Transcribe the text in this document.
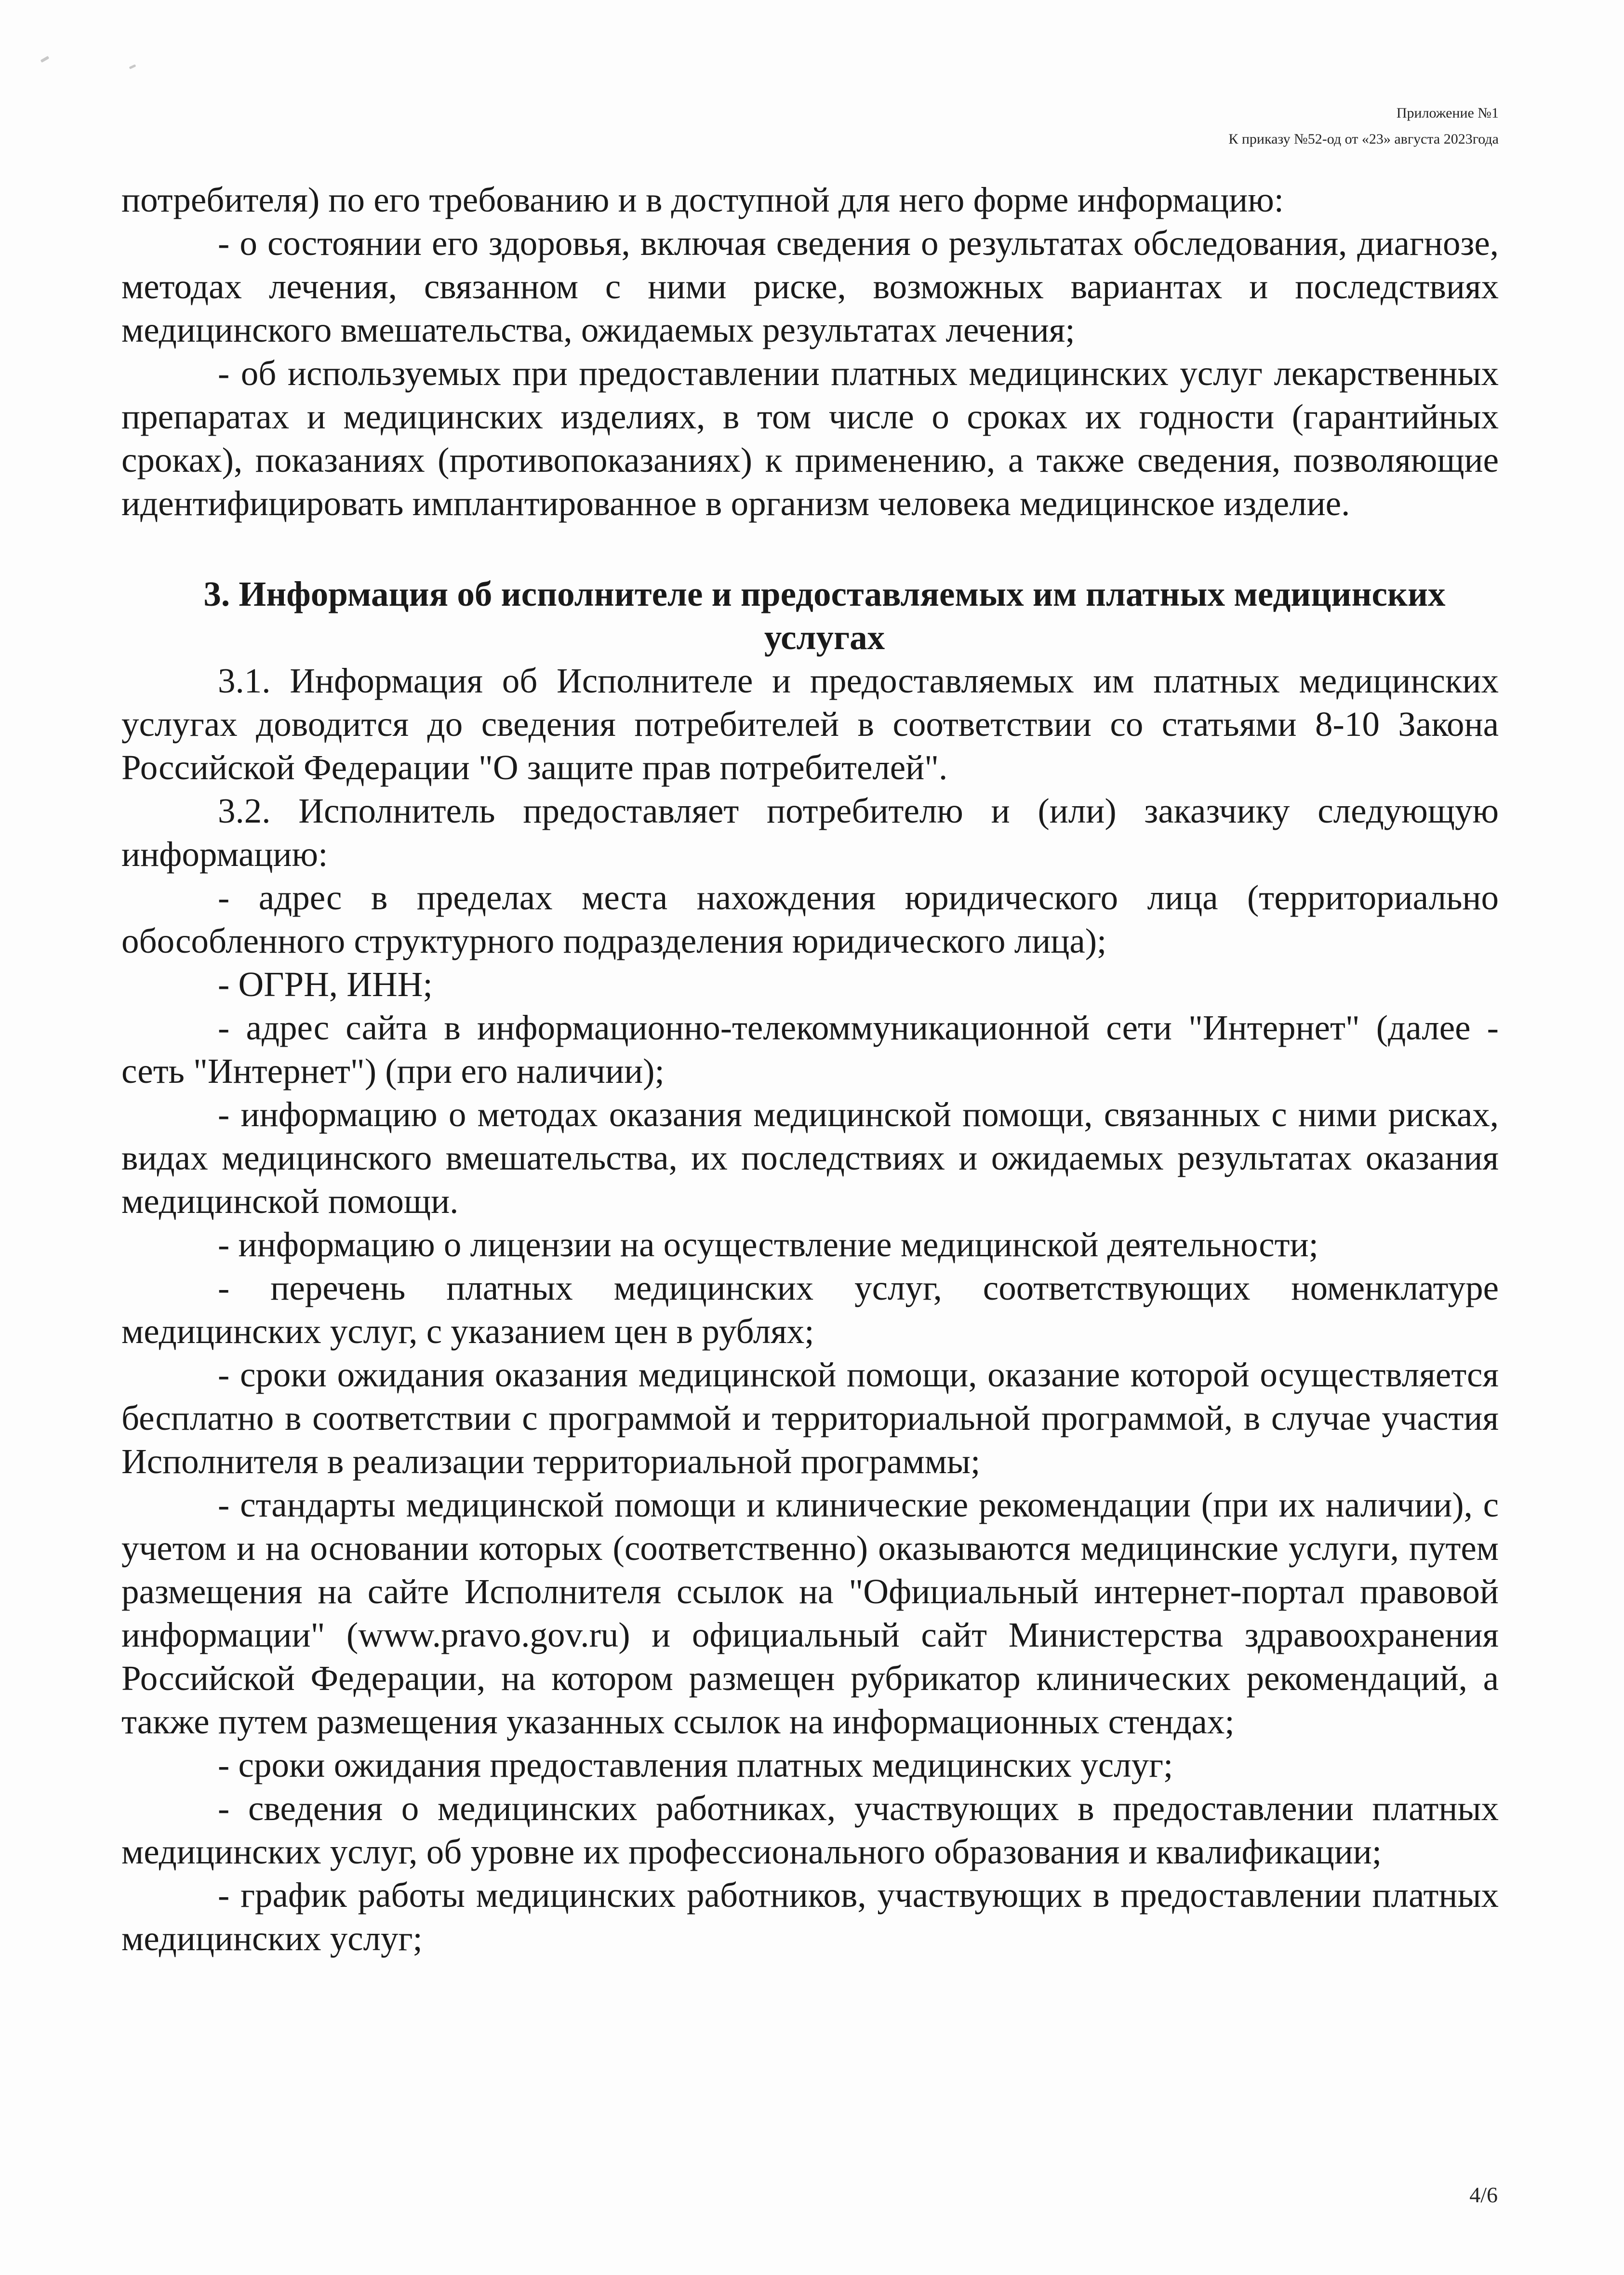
Приложение №1
К приказу №52-од от «23» августа 2023года

потребителя) по его требованию и в доступной для него форме информацию:

- о состоянии его здоровья, включая сведения о результатах обследования, диагнозе, методах лечения, связанном с ними риске, возможных вариантах и последствиях медицинского вмешательства, ожидаемых результатах лечения;

- об используемых при предоставлении платных медицинских услуг лекарственных препаратах и медицинских изделиях, в том числе о сроках их годности (гарантийных сроках), показаниях (противопоказаниях) к применению, а также сведения, позволяющие идентифицировать имплантированное в организм человека медицинское изделие.

3. Информация об исполнителе и предоставляемых им платных медицинских услугах

3.1. Информация об Исполнителе и предоставляемых им платных медицинских услугах доводится до сведения потребителей в соответствии со статьями 8-10 Закона Российской Федерации "О защите прав потребителей".

3.2. Исполнитель предоставляет потребителю и (или) заказчику следующую информацию:

- адрес в пределах места нахождения юридического лица (территориально обособленного структурного подразделения юридического лица);

- ОГРН, ИНН;

- адрес сайта в информационно-телекоммуникационной сети "Интернет" (далее - сеть "Интернет") (при его наличии);

- информацию о методах оказания медицинской помощи, связанных с ними рисках, видах медицинского вмешательства, их последствиях и ожидаемых результатах оказания медицинской помощи.

- информацию о лицензии на осуществление медицинской деятельности;

- перечень платных медицинских услуг, соответствующих номенклатуре медицинских услуг, с указанием цен в рублях;

- сроки ожидания оказания медицинской помощи, оказание которой осуществляется бесплатно в соответствии с программой и территориальной программой, в случае участия Исполнителя в реализации территориальной программы;

- стандарты медицинской помощи и клинические рекомендации (при их наличии), с учетом и на основании которых (соответственно) оказываются медицинские услуги, путем размещения на сайте Исполнителя ссылок на "Официальный интернет-портал правовой информации" (www.pravo.gov.ru) и официальный сайт Министерства здравоохранения Российской Федерации, на котором размещен рубрикатор клинических рекомендаций, а также путем размещения указанных ссылок на информационных стендах;

- сроки ожидания предоставления платных медицинских услуг;

- сведения о медицинских работниках, участвующих в предоставлении платных медицинских услуг, об уровне их профессионального образования и квалификации;

- график работы медицинских работников, участвующих в предоставлении платных медицинских услуг;

4/6
